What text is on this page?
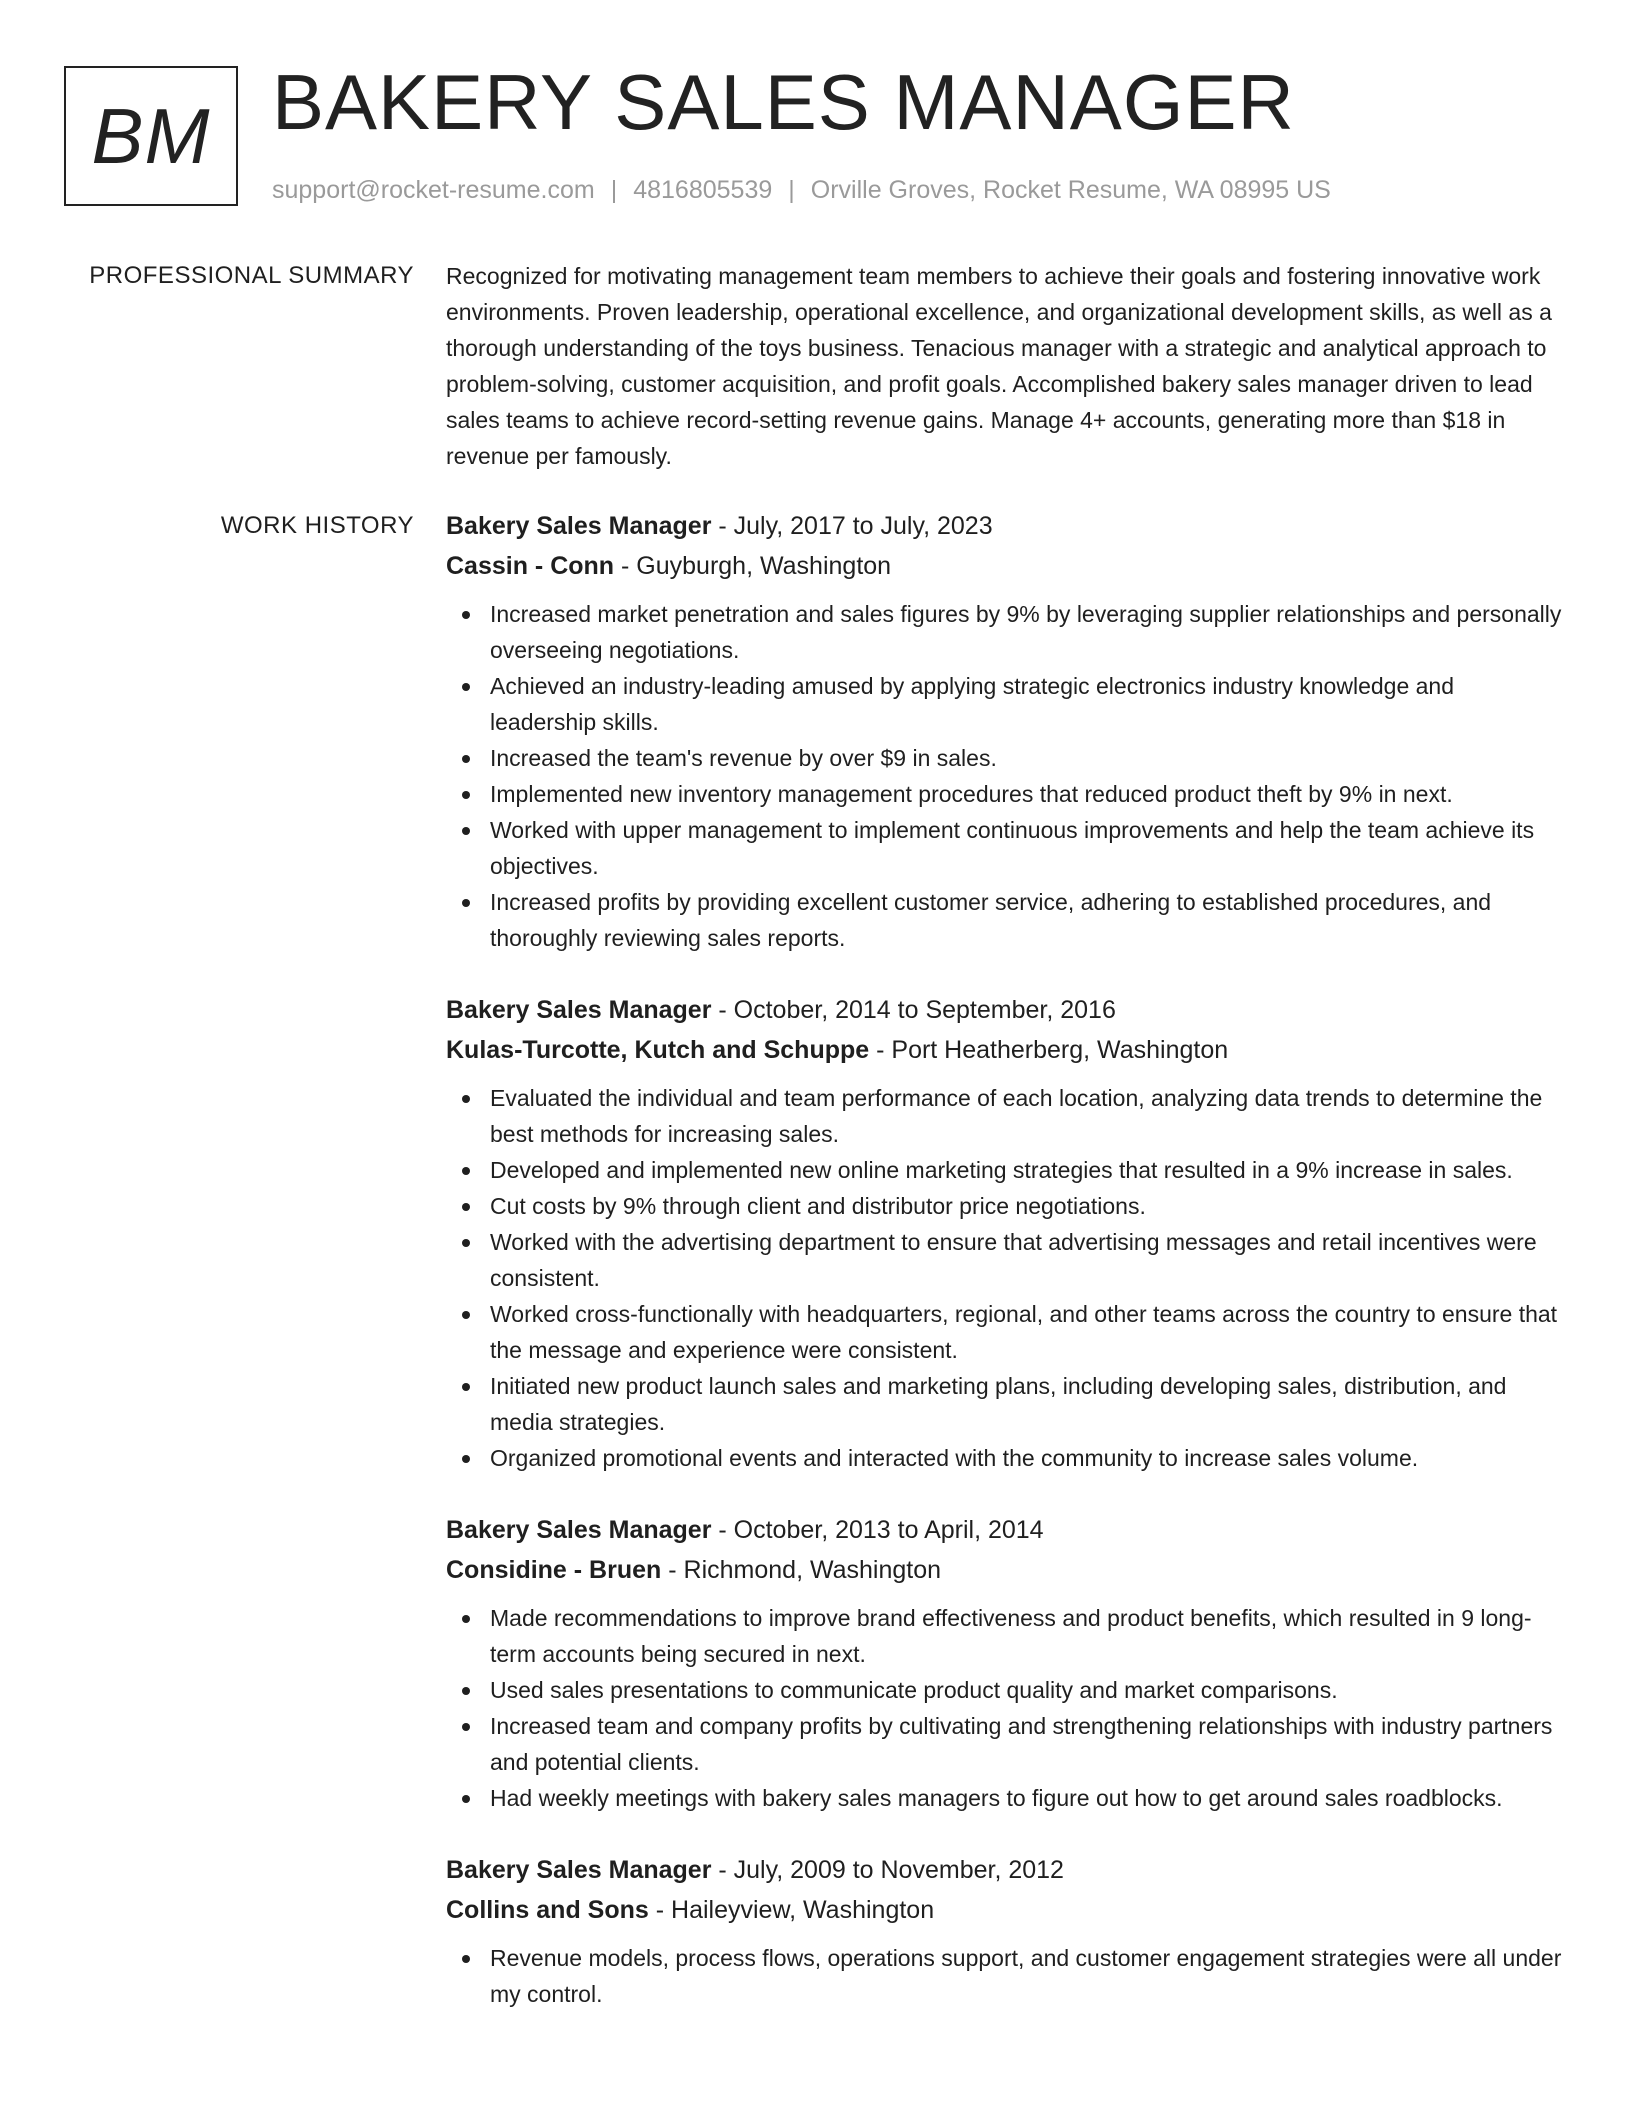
BM BAKERY SALES MANAGER
support@rocket-resume.com | 4816805539 | Orville Groves, Rocket Resume, WA 08995 US
PROFESSIONAL SUMMARY Recognized for motivating management team members to achieve their goals and fostering innovative work environments. Proven leadership, operational excellence, and organizational development skills, as well as a thorough understanding of the toys business. Tenacious manager with a strategic and analytical approach to problem-solving, customer acquisition, and profit goals. Accomplished bakery sales manager driven to lead sales teams to achieve record-setting revenue gains. Manage 4+ accounts, generating more than $18 in revenue per famously.

WORK HISTORY Bakery Sales Manager - July, 2017 to July, 2023
Cassin - Conn - Guyburgh, Washington
Increased market penetration and sales figures by 9% by leveraging supplier relationships and personally overseeing negotiations.
Achieved an industry-leading amused by applying strategic electronics industry knowledge and leadership skills.
Increased the team's revenue by over $9 in sales.
Implemented new inventory management procedures that reduced product theft by 9% in next.
Worked with upper management to implement continuous improvements and help the team achieve its objectives.
Increased profits by providing excellent customer service, adhering to established procedures, and thoroughly reviewing sales reports.
Bakery Sales Manager - October, 2014 to September, 2016
Kulas-Turcotte, Kutch and Schuppe - Port Heatherberg, Washington
Evaluated the individual and team performance of each location, analyzing data trends to determine the best methods for increasing sales.
Developed and implemented new online marketing strategies that resulted in a 9% increase in sales.
Cut costs by 9% through client and distributor price negotiations.
Worked with the advertising department to ensure that advertising messages and retail incentives were consistent.
Worked cross-functionally with headquarters, regional, and other teams across the country to ensure that the message and experience were consistent.
Initiated new product launch sales and marketing plans, including developing sales, distribution, and media strategies.
Organized promotional events and interacted with the community to increase sales volume.
Bakery Sales Manager - October, 2013 to April, 2014
Considine - Bruen - Richmond, Washington
Made recommendations to improve brand effectiveness and product benefits, which resulted in 9 long-term accounts being secured in next.
Used sales presentations to communicate product quality and market comparisons.
Increased team and company profits by cultivating and strengthening relationships with industry partners and potential clients.
Had weekly meetings with bakery sales managers to figure out how to get around sales roadblocks.
Bakery Sales Manager - July, 2009 to November, 2012
Collins and Sons - Haileyview, Washington
Revenue models, process flows, operations support, and customer engagement strategies were all under my control.
